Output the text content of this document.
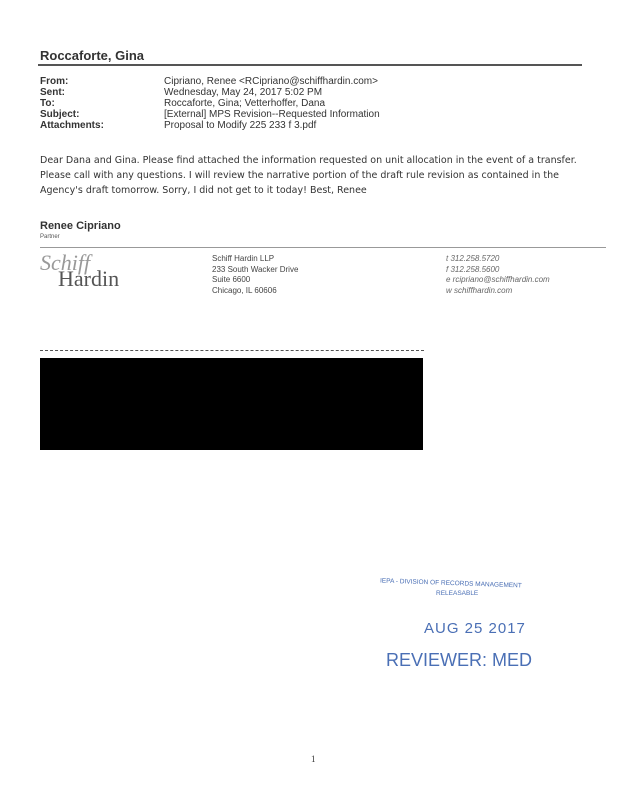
Roccaforte, Gina
From:	Cipriano, Renee <RCipriano@schiffhardin.com>
Sent:	Wednesday, May 24, 2017 5:02 PM
To:	Roccaforte, Gina; Vetterhoffer, Dana
Subject:	[External] MPS Revision--Requested Information
Attachments:	Proposal to Modify 225 233 f 3.pdf
Dear Dana and Gina. Please find attached the information requested on unit allocation in the event of a transfer. Please call with any questions. I will review the narrative portion of the draft rule revision as contained in the Agency's draft tomorrow. Sorry, I did not get to it today! Best, Renee
Renee Cipriano
Partner
Schiff
Hardin
Schiff Hardin LLP
233 South Wacker Drive
Suite 6600
Chicago, IL 60606
t 312.258.5720
f 312.258.5600
e rcipriano@schiffhardin.com
w schiffhardin.com
IEPA - DIVISION OF RECORDS MANAGEMENT
RELEASABLE
AUG 25 2017
REVIEWER: MED
1
